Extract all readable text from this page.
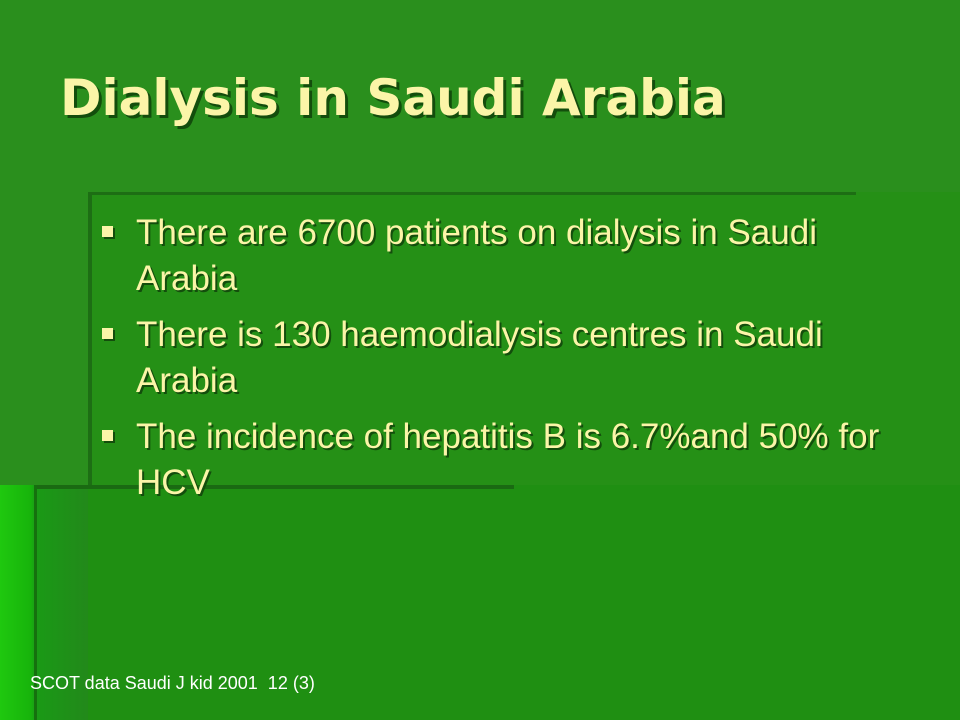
Dialysis in Saudi Arabia
There are 6700 patients on dialysis in Saudi Arabia
There is 130 haemodialysis centres in Saudi Arabia
The incidence of hepatitis B is 6.7%and 50% for HCV
SCOT data Saudi J kid 2001  12 (3)
